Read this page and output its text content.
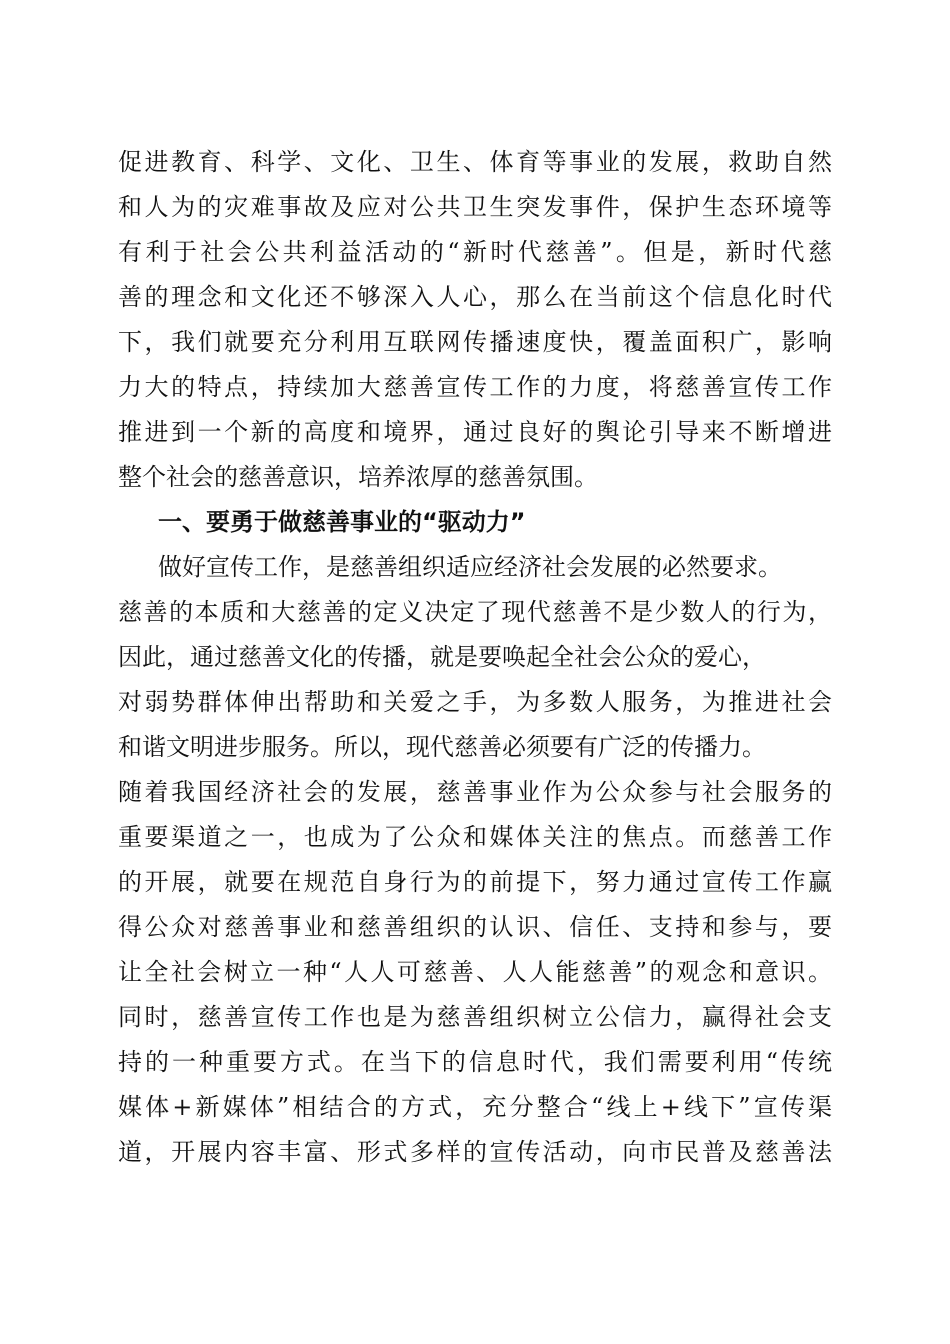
促进教育、科学、文化、卫生、体育等事业的发展，救助自然
和人为的灾难事故及应对公共卫生突发事件，保护生态环境等
有利于社会公共利益活动的“新时代慈善”。但是，新时代慈
善的理念和文化还不够深入人心，那么在当前这个信息化时代
下，我们就要充分利用互联网传播速度快，覆盖面积广，影响
力大的特点，持续加大慈善宣传工作的力度，将慈善宣传工作
推进到一个新的高度和境界，通过良好的舆论引导来不断增进
整个社会的慈善意识，培养浓厚的慈善氛围。
一、要勇于做慈善事业的“驱动力”
做好宣传工作，是慈善组织适应经济社会发展的必然要求。
慈善的本质和大慈善的定义决定了现代慈善不是少数人的行为，
因此，通过慈善文化的传播，就是要唤起全社会公众的爱心，
对弱势群体伸出帮助和关爱之手，为多数人服务，为推进社会
和谐文明进步服务。所以，现代慈善必须要有广泛的传播力。
随着我国经济社会的发展，慈善事业作为公众参与社会服务的
重要渠道之一，也成为了公众和媒体关注的焦点。而慈善工作
的开展，就要在规范自身行为的前提下，努力通过宣传工作赢
得公众对慈善事业和慈善组织的认识、信任、支持和参与，要
让全社会树立一种“人人可慈善、人人能慈善”的观念和意识。
同时，慈善宣传工作也是为慈善组织树立公信力，赢得社会支
持的一种重要方式。在当下的信息时代，我们需要利用“传统
媒体+新媒体”相结合的方式，充分整合“线上+线下”宣传渠
道，开展内容丰富、形式多样的宣传活动，向市民普及慈善法
